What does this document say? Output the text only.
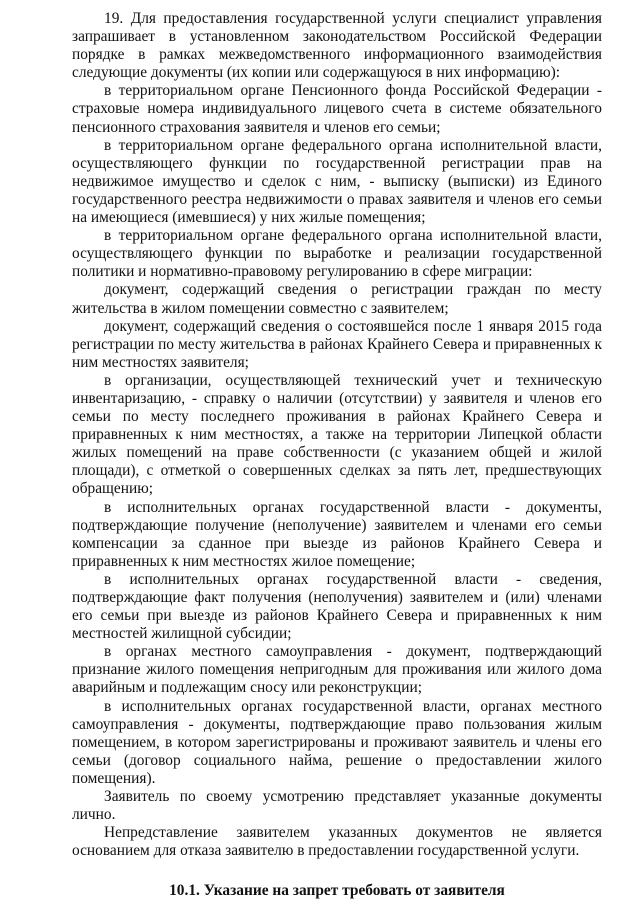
19. Для предоставления государственной услуги специалист управления запрашивает в установленном законодательством Российской Федерации порядке в рамках межведомственного информационного взаимодействия следующие документы (их копии или содержащуюся в них информацию):

в территориальном органе Пенсионного фонда Российской Федерации - страховые номера индивидуального лицевого счета в системе обязательного пенсионного страхования заявителя и членов его семьи;

в территориальном органе федерального органа исполнительной власти, осуществляющего функции по государственной регистрации прав на недвижимое имущество и сделок с ним, - выписку (выписки) из Единого государственного реестра недвижимости о правах заявителя и членов его семьи на имеющиеся (имевшиеся) у них жилые помещения;

в территориальном органе федерального органа исполнительной власти, осуществляющего функции по выработке и реализации государственной политики и нормативно-правовому регулированию в сфере миграции:

документ, содержащий сведения о регистрации граждан по месту жительства в жилом помещении совместно с заявителем;

документ, содержащий сведения о состоявшейся после 1 января 2015 года регистрации по месту жительства в районах Крайнего Севера и приравненных к ним местностях заявителя;

в организации, осуществляющей технический учет и техническую инвентаризацию, - справку о наличии (отсутствии) у заявителя и членов его семьи по месту последнего проживания в районах Крайнего Севера и приравненных к ним местностях, а также на территории Липецкой области жилых помещений на праве собственности (с указанием общей и жилой площади), с отметкой о совершенных сделках за пять лет, предшествующих обращению;

в исполнительных органах государственной власти - документы, подтверждающие получение (неполучение) заявителем и членами его семьи компенсации за сданное при выезде из районов Крайнего Севера и приравненных к ним местностях жилое помещение;

в исполнительных органах государственной власти - сведения, подтверждающие факт получения (неполучения) заявителем и (или) членами его семьи при выезде из районов Крайнего Севера и приравненных к ним местностей жилищной субсидии;

в органах местного самоуправления - документ, подтверждающий признание жилого помещения непригодным для проживания или жилого дома аварийным и подлежащим сносу или реконструкции;

в исполнительных органах государственной власти, органах местного самоуправления - документы, подтверждающие право пользования жилым помещением, в котором зарегистрированы и проживают заявитель и члены его семьи (договор социального найма, решение о предоставлении жилого помещения).

Заявитель по своему усмотрению представляет указанные документы лично.

Непредставление заявителем указанных документов не является основанием для отказа заявителю в предоставлении государственной услуги.

10.1. Указание на запрет требовать от заявителя
